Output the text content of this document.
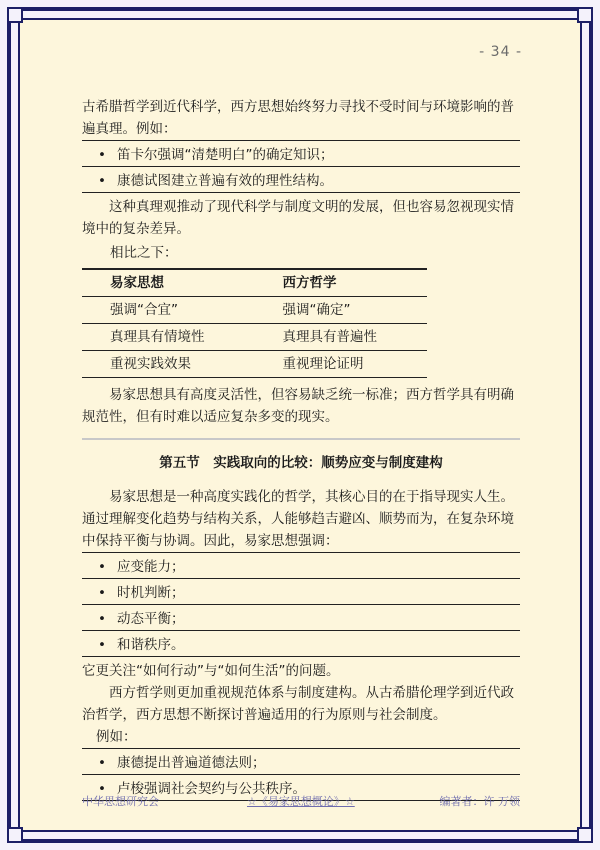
- 34 -

古希腊哲学到近代科学，西方思想始终努力寻找不受时间与环境影响的普遍真理。例如：

• 笛卡尔强调“清楚明白”的确定知识；
• 康德试图建立普遍有效的理性结构。

这种真理观推动了现代科学与制度文明的发展，但也容易忽视现实情境中的复杂差异。

相比之下：

易家思想	西方哲学
强调“合宜”	强调“确定”
真理具有情境性	真理具有普遍性
重视实践效果	重视理论证明

易家思想具有高度灵活性，但容易缺乏统一标准；西方哲学具有明确规范性，但有时难以适应复杂多变的现实。

第五节　实践取向的比较：顺势应变与制度建构

易家思想是一种高度实践化的哲学，其核心目的在于指导现实人生。通过理解变化趋势与结构关系，人能够趋吉避凶、顺势而为，在复杂环境中保持平衡与协调。因此，易家思想强调：

• 应变能力；
• 时机判断；
• 动态平衡；
• 和谐秩序。

它更关注“如何行动”与“如何生活”的问题。

西方哲学则更加重视规范体系与制度建构。从古希腊伦理学到近代政治哲学，西方思想不断探讨普遍适用的行为原则与社会制度。

例如：

• 康德提出普遍道德法则；
• 卢梭强调社会契约与公共秩序。
中华思想研究会	☆《易家思想概论》☆	编著者：许 万领
